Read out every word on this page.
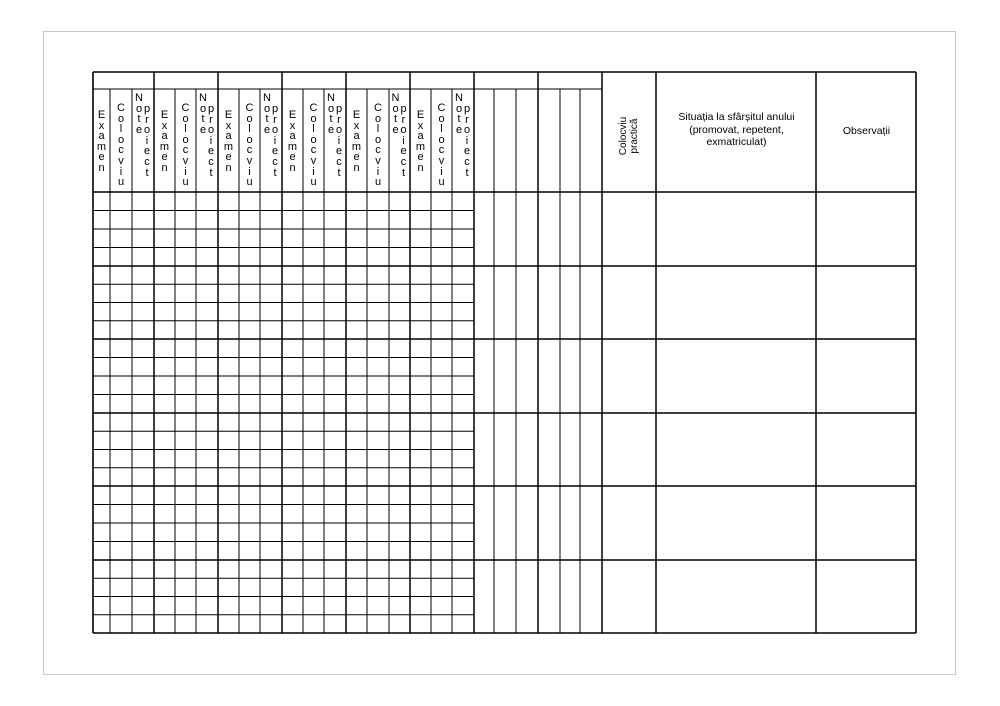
E
x
a
m
e
n
C
o
l
o
c
v
i
u
N
o
t
e
p
r
o
i
e
c
t
E
x
a
m
e
n
C
o
l
o
c
v
i
u
N
o
t
e
p
r
o
i
e
c
t
E
x
a
m
e
n
C
o
l
o
c
v
i
u
N
o
t
e
p
r
o
i
e
c
t
E
x
a
m
e
n
C
o
l
o
c
v
i
u
N
o
t
e
p
r
o
i
e
c
t
E
x
a
m
e
n
C
o
l
o
c
v
i
u
N
o
t
e
p
r
o
i
e
c
t
E
x
a
m
e
n
C
o
l
o
c
v
i
u
N
o
t
e
p
r
o
i
e
c
t
Colocviu
practică
Situația la sfârșitul anului
(promovat, repetent,
exmatriculat)
Observații
